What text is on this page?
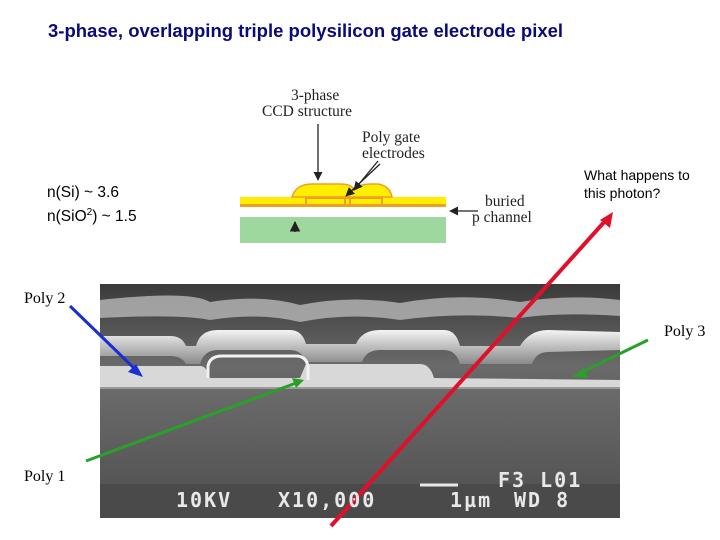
3-phase, overlapping triple polysilicon gate electrode pixel
n(Si) ~ 3.6
n(SiO$^2$) ~ 1.5
What happens to
this photon?
3-phase
CCD structure
Poly gate
electrodes
buried
p channel
Poly 2
Poly 3
Poly 1
10KV X10,000	1µm
F3 L01
WD 8
